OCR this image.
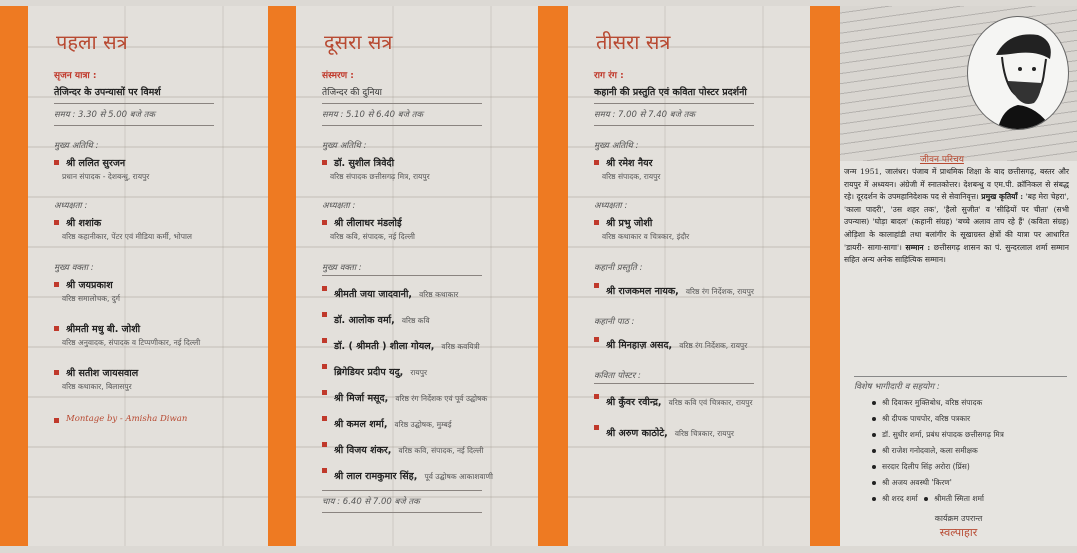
पहला सत्र
सृजन यात्रा :
तेजिन्दर के उपन्यासों पर विमर्श
समय : 3.30 से 5.00 बजे तक
मुख्य अतिथि :
श्री ललित सुरजन
प्रधान संपादक - देशबन्धु, रायपुर
अध्यक्षता :
श्री शशांक
वरिष्ठ कहानीकार, पेंटर एवं मीडिया कर्मी, भोपाल
मुख्य वक्ता :
श्री जयप्रकाश
वरिष्ठ समालोचक, दुर्ग
श्रीमती मधु बी. जोशी
वरिष्ठ अनुवादक, संपादक व टिप्पणीकार, नई दिल्ली
श्री सतीश जायसवाल
वरिष्ठ कथाकार, बिलासपुर
Montage by - Amisha Diwan
दूसरा सत्र
संस्मरण :
तेजिन्दर की दुनिया
समय : 5.10 से 6.40 बजे तक
मुख्य अतिथि :
डॉ. सुशील त्रिवेदी
वरिष्ठ संपादक छत्तीसगढ़ मित्र, रायपुर
अध्यक्षता :
श्री लीलाधर मंडलोई
वरिष्ठ कवि, संपादक, नई दिल्ली
मुख्य वक्ता :
श्रीमती जया जादवानी, वरिष्ठ कथाकार
डॉ. आलोक वर्मा, वरिष्ठ कवि
डॉ. ( श्रीमती ) शीला गोयल, वरिष्ठ कवयित्री
ब्रिगेडियर प्रदीप यदु, रायपुर
श्री मिर्जा मसूद, वरिष्ठ रंग निर्देशक एवं पूर्व उद्घोषक
श्री कमल शर्मा, वरिष्ठ उद्घोषक, मुम्बई
श्री विजय शंकर, वरिष्ठ कवि, संपादक, नई दिल्ली
श्री लाल रामकुमार सिंह, पूर्व उद्घोषक आकाशवाणी
चाय : 6.40 से 7.00 बजे तक
तीसरा सत्र
राग रंग :
कहानी की प्रस्तुति एवं कविता पोस्टर प्रदर्शनी
समय : 7.00 से 7.40 बजे तक
मुख्य अतिथि :
श्री रमेश नैयर
वरिष्ठ संपादक, रायपुर
अध्यक्षता :
श्री प्रभु जोशी
वरिष्ठ कथाकार व चित्रकार, इंदौर
कहानी प्रस्तुति :
श्री राजकमल नायक, वरिष्ठ रंग निर्देशक, रायपुर
कहानी पाठ :
श्री मिनहाज़ असद, वरिष्ठ रंग निर्देशक, रायपुर
कविता पोस्टर :
श्री कुँवर रवीन्द्र, वरिष्ठ कवि एवं चित्रकार, रायपुर
श्री अरुण काठोटे, वरिष्ठ चित्रकार, रायपुर
जीवन परिचय
जन्म 1951, जालंधर। पंजाब में प्राथमिक शिक्षा के बाद छत्तीसगढ़, बस्तर और रायपुर में अध्ययन। अंग्रेजी में स्नातकोत्तर। देशबन्धु व एम.पी. क्रॉनिकल से संबद्ध रहे। दूरदर्शन के उपमहानिदेशक पद से सेवानिवृत्त। प्रमुख कृतियाँ : 'बह मेरा चेहरा', 'काला पादरी', 'उस शहर तक', 'हैलो सुजीत' व 'सीढ़ियों पर चीता' (सभी उपन्यास) 'घोड़ा बादल' (कहानी संग्रह) 'बच्चे अलाव ताप रहे हैं' (कविता संग्रह) ओड़िशा के कालाहांडी तथा बलांगीर के सूखाग्रस्त क्षेत्रों की यात्रा पर आधारित 'डायरी- सागा-सागा'। सम्मान : छत्तीसगढ़ शासन का पं. सुन्दरलाल शर्मा सम्मान सहित अन्य अनेक साहित्यिक सम्मान।
विशेष भागीदारी व सहयोग :
श्री दिवाकर मुक्तिबोध, वरिष्ठ संपादक
श्री दीपक पाचपोर, वरिष्ठ पत्रकार
डॉ. सुधीर शर्मा, प्रबंध संपादक छत्तीसगढ़ मित्र
श्री राजेश गनोदवाले, कला समीक्षक
सरदार दिलीप सिंह अरोरा (प्रिंस)
श्री अजय अवस्थी 'किरण'
श्री शरद शर्मा श्रीमती स्मिता शर्मा
कार्यक्रम उपरान्त
स्वल्पाहार
